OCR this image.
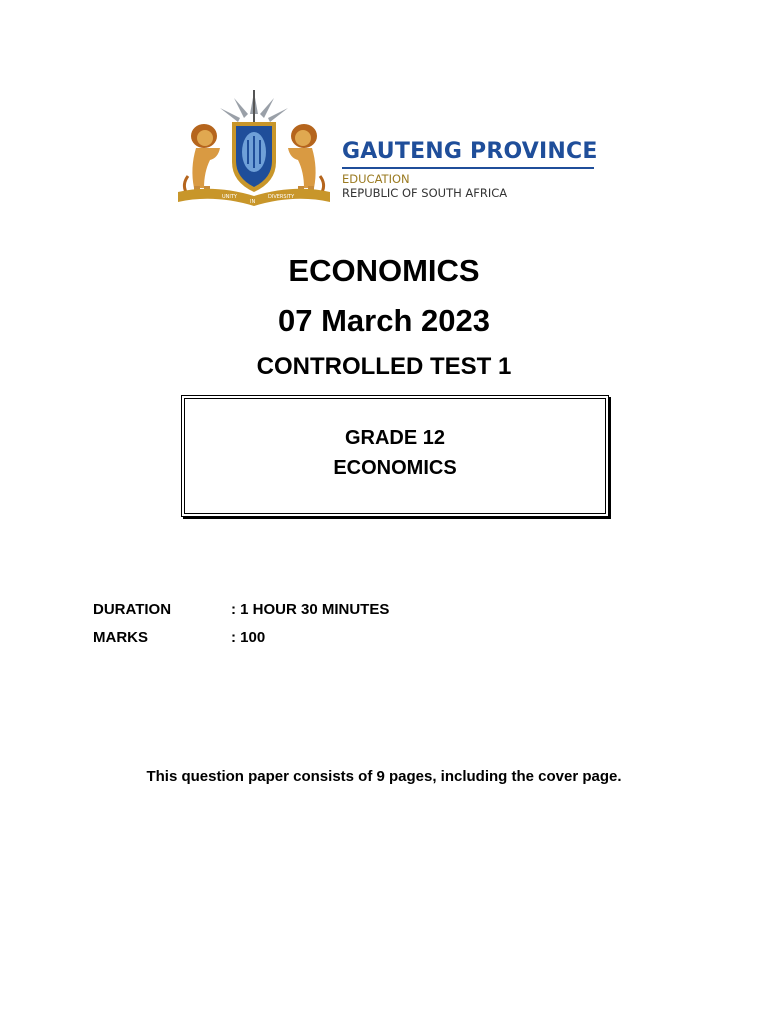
UNITY
IN
DIVERSITY
GAUTENG PROVINCE
EDUCATION
REPUBLIC OF SOUTH AFRICA
ECONOMICS
07 March 2023
CONTROLLED TEST 1
GRADE 12
ECONOMICS
DURATION	: 1 HOUR 30 MINUTES
MARKS	: 100
This question paper consists of 9 pages, including the cover page.
